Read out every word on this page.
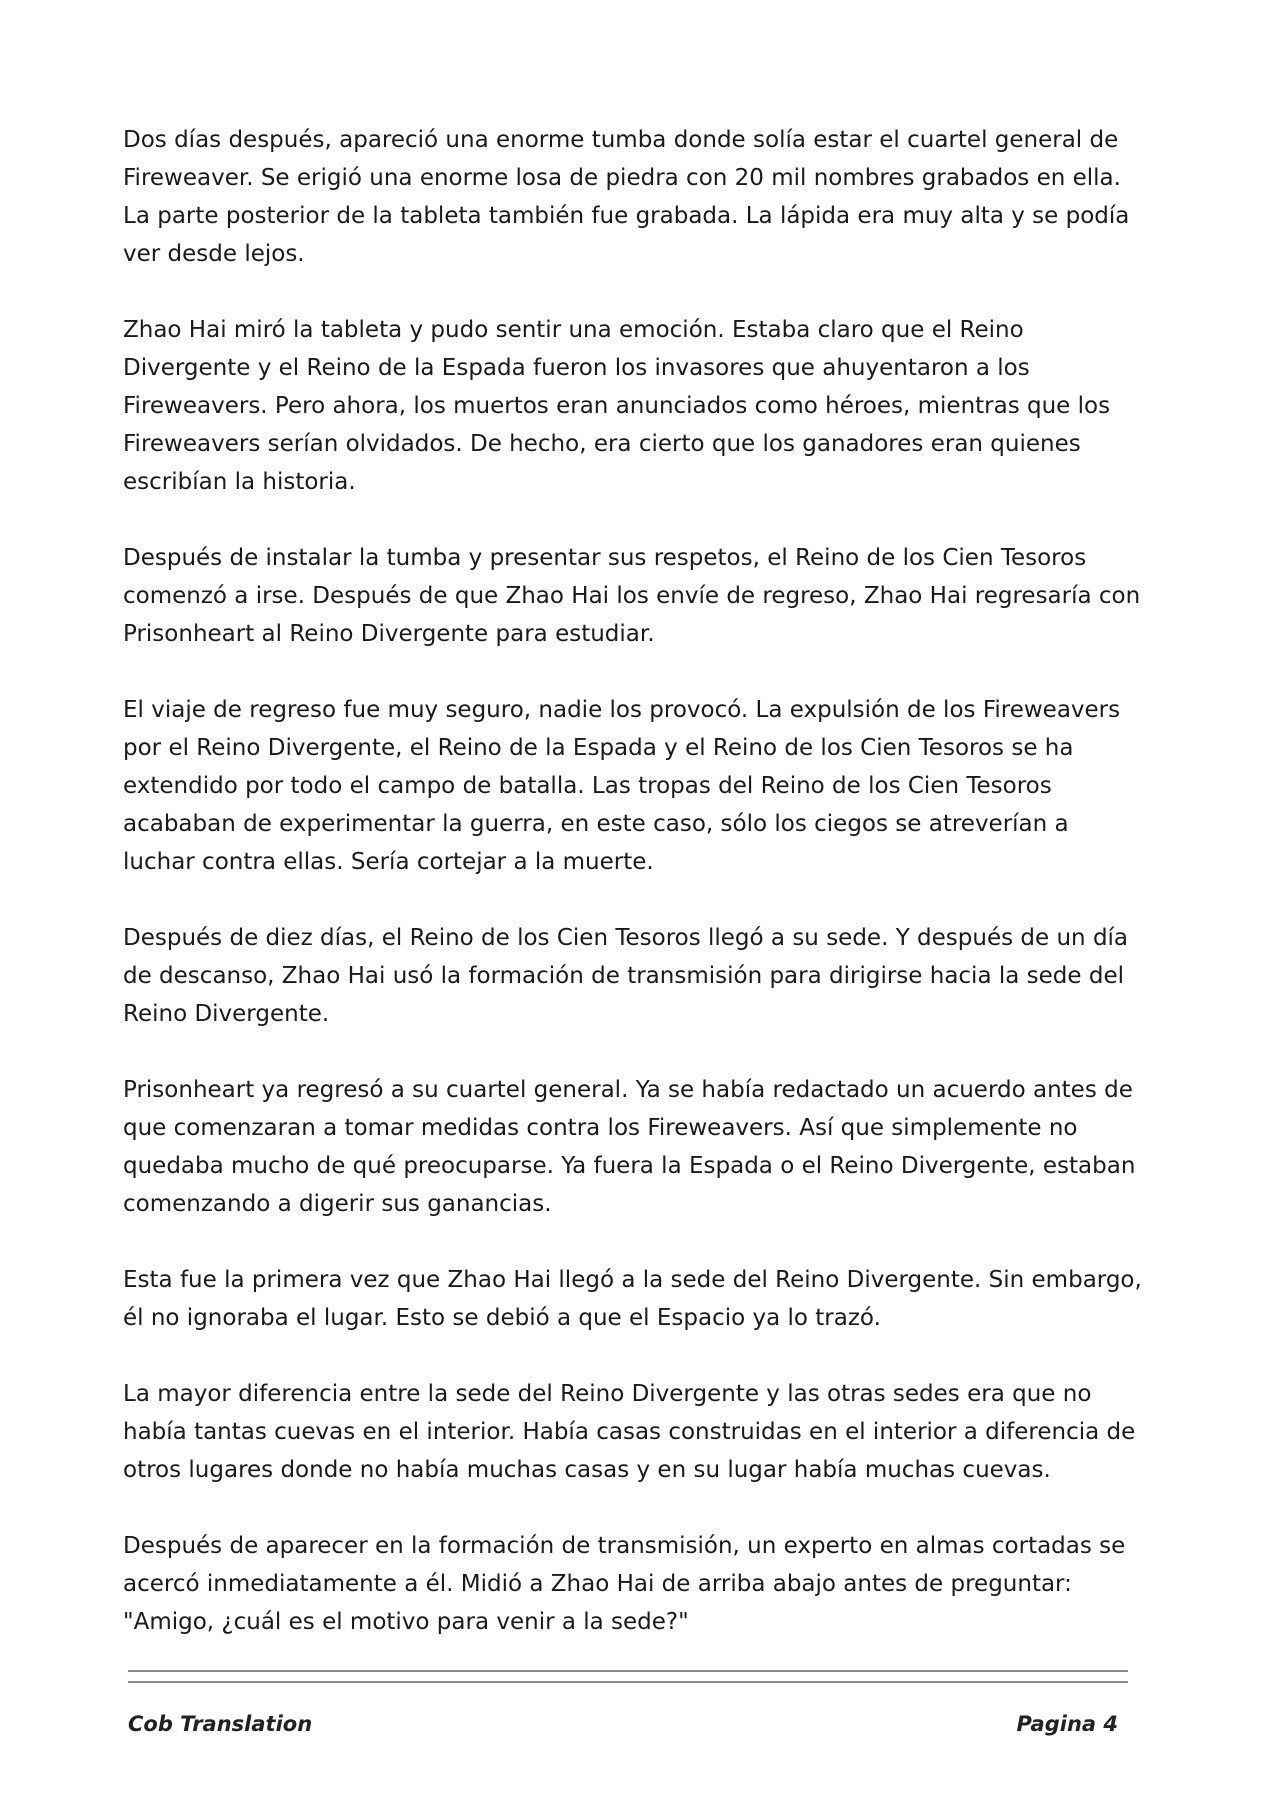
Dos días después, apareció una enorme tumba donde solía estar el cuartel general de Fireweaver. Se erigió una enorme losa de piedra con 20 mil nombres grabados en ella. La parte posterior de la tableta también fue grabada. La lápida era muy alta y se podía ver desde lejos.

Zhao Hai miró la tableta y pudo sentir una emoción. Estaba claro que el Reino Divergente y el Reino de la Espada fueron los invasores que ahuyentaron a los Fireweavers. Pero ahora, los muertos eran anunciados como héroes, mientras que los Fireweavers serían olvidados. De hecho, era cierto que los ganadores eran quienes escribían la historia.

Después de instalar la tumba y presentar sus respetos, el Reino de los Cien Tesoros comenzó a irse. Después de que Zhao Hai los envíe de regreso, Zhao Hai regresaría con Prisonheart al Reino Divergente para estudiar.

El viaje de regreso fue muy seguro, nadie los provocó. La expulsión de los Fireweavers por el Reino Divergente, el Reino de la Espada y el Reino de los Cien Tesoros se ha extendido por todo el campo de batalla. Las tropas del Reino de los Cien Tesoros acababan de experimentar la guerra, en este caso, sólo los ciegos se atreverían a luchar contra ellas. Sería cortejar a la muerte.

Después de diez días, el Reino de los Cien Tesoros llegó a su sede. Y después de un día de descanso, Zhao Hai usó la formación de transmisión para dirigirse hacia la sede del Reino Divergente.

Prisonheart ya regresó a su cuartel general. Ya se había redactado un acuerdo antes de que comenzaran a tomar medidas contra los Fireweavers. Así que simplemente no quedaba mucho de qué preocuparse. Ya fuera la Espada o el Reino Divergente, estaban comenzando a digerir sus ganancias.

Esta fue la primera vez que Zhao Hai llegó a la sede del Reino Divergente. Sin embargo, él no ignoraba el lugar. Esto se debió a que el Espacio ya lo trazó.

La mayor diferencia entre la sede del Reino Divergente y las otras sedes era que no había tantas cuevas en el interior. Había casas construidas en el interior a diferencia de otros lugares donde no había muchas casas y en su lugar había muchas cuevas.

Después de aparecer en la formación de transmisión, un experto en almas cortadas se acercó inmediatamente a él. Midió a Zhao Hai de arriba abajo antes de preguntar: "Amigo, ¿cuál es el motivo para venir a la sede?"

Cob Translation	Pagina 4
